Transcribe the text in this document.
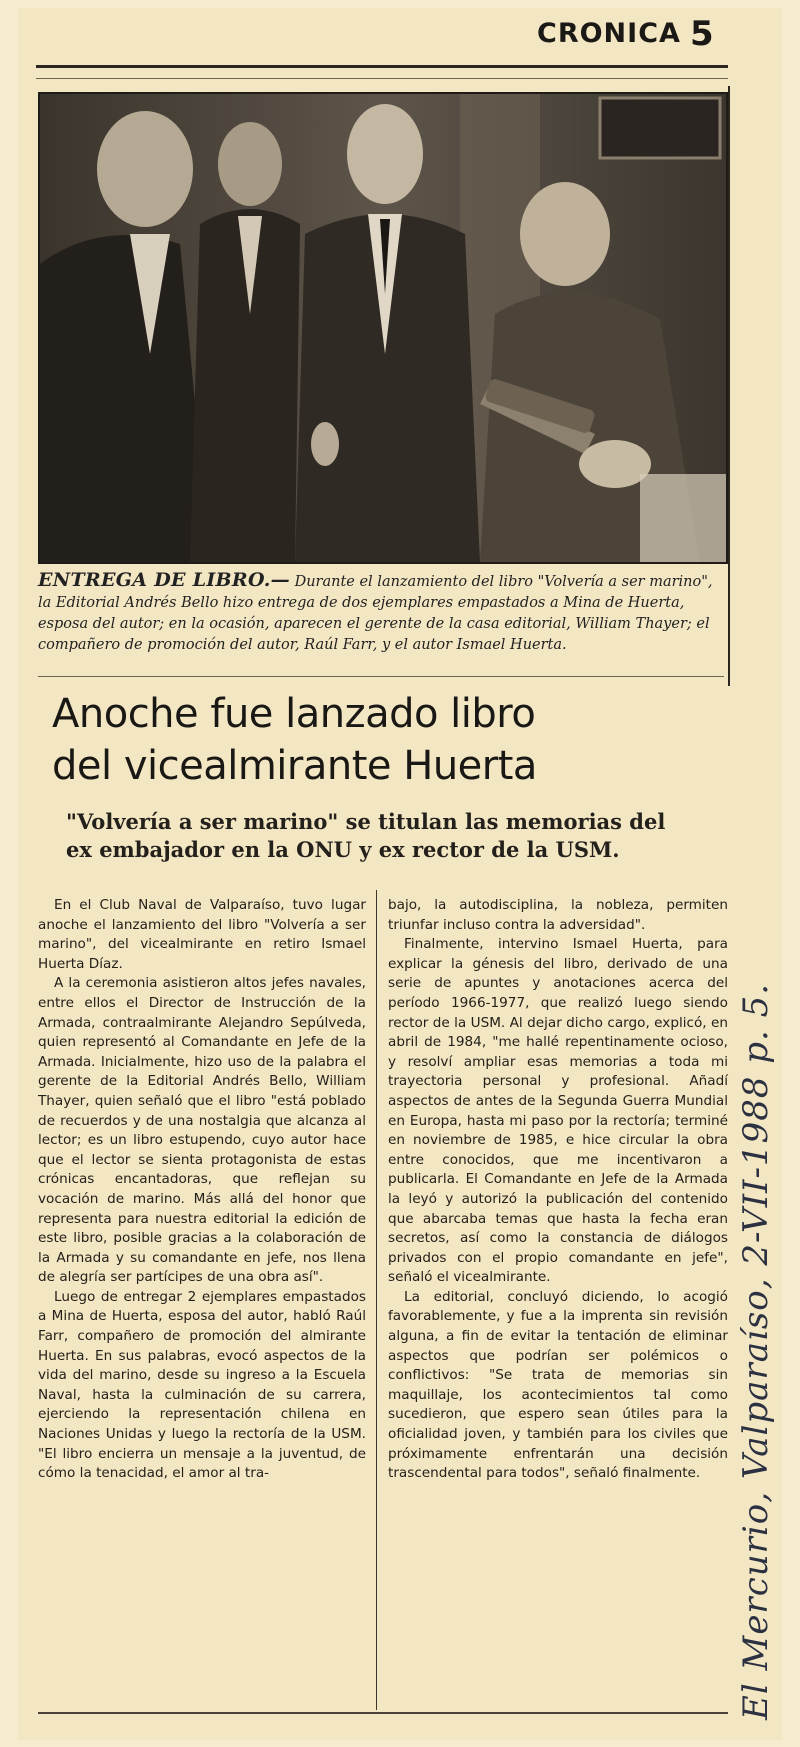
CRONICA 5
ENTREGA DE LIBRO.— Durante el lanzamiento del libro "Volvería a ser marino", la Editorial Andrés Bello hizo entrega de dos ejemplares empastados a Mina de Huerta, esposa del autor; en la ocasión, aparecen el gerente de la casa editorial, William Thayer; el compañero de promoción del autor, Raúl Farr, y el autor Ismael Huerta.
Anoche fue lanzado libro
del vicealmirante Huerta
"Volvería a ser marino" se titulan las memorias del ex embajador en la ONU y ex rector de la USM.

En el Club Naval de Valparaíso, tuvo lugar anoche el lanzamiento del libro "Volvería a ser marino", del vicealmirante en retiro Ismael Huerta Díaz.

A la ceremonia asistieron altos jefes navales, entre ellos el Director de Instrucción de la Armada, contraalmirante Alejandro Sepúlveda, quien representó al Comandante en Jefe de la Armada. Inicialmente, hizo uso de la palabra el gerente de la Editorial Andrés Bello, William Thayer, quien señaló que el libro "está poblado de recuerdos y de una nostalgia que alcanza al lector; es un libro estupendo, cuyo autor hace que el lector se sienta protagonista de estas crónicas encantadoras, que reflejan su vocación de marino. Más allá del honor que representa para nuestra editorial la edición de este libro, posible gracias a la colaboración de la Armada y su comandante en jefe, nos llena de alegría ser partícipes de una obra así".

Luego de entregar 2 ejemplares empastados a Mina de Huerta, esposa del autor, habló Raúl Farr, compañero de promoción del almirante Huerta. En sus palabras, evocó aspectos de la vida del marino, desde su ingreso a la Escuela Naval, hasta la culminación de su carrera, ejerciendo la representación chilena en Naciones Unidas y luego la rectoría de la USM. "El libro encierra un mensaje a la juventud, de cómo la tenacidad, el amor al tra-

bajo, la autodisciplina, la nobleza, permiten triunfar incluso contra la adversidad".

Finalmente, intervino Ismael Huerta, para explicar la génesis del libro, derivado de una serie de apuntes y anotaciones acerca del período 1966-1977, que realizó luego siendo rector de la USM. Al dejar dicho cargo, explicó, en abril de 1984, "me hallé repentinamente ocioso, y resolví ampliar esas memorias a toda mi trayectoria personal y profesional. Añadí aspectos de antes de la Segunda Guerra Mundial en Europa, hasta mi paso por la rectoría; terminé en noviembre de 1985, e hice circular la obra entre conocidos, que me incentivaron a publicarla. El Comandante en Jefe de la Armada la leyó y autorizó la publicación del contenido que abarcaba temas que hasta la fecha eran secretos, así como la constancia de diálogos privados con el propio comandante en jefe", señaló el vicealmirante.

La editorial, concluyó diciendo, lo acogió favorablemente, y fue a la imprenta sin revisión alguna, a fin de evitar la tentación de eliminar aspectos que podrían ser polémicos o conflictivos: "Se trata de memorias sin maquillaje, los acontecimientos tal como sucedieron, que espero sean útiles para la oficialidad joven, y también para los civiles que próximamente enfrentarán una decisión trascendental para todos", señaló finalmente.	El Mercurio, Valparaíso, 2-VII-1988 p. 5.
